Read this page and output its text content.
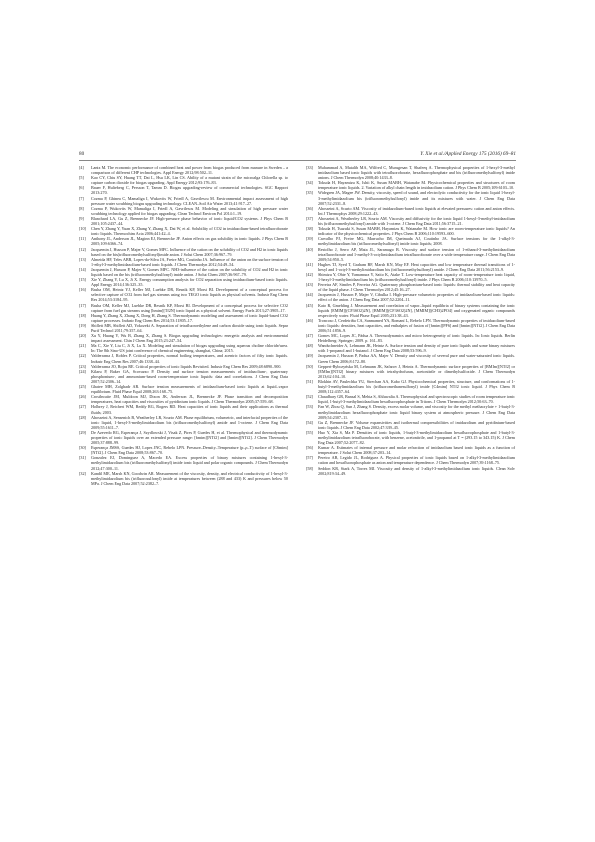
80	Y. Xie et al./Applied Energy 175 (2016) 69–81

[4]	Lantz M. The economic performance of combined heat and power from biogas produced from manure in Sweden – a comparison of different CHP technologies. Appl Energy 2012;98:502–11.

[5]	Kao CY, Chiu SY, Huang TT, Dai L, Hsu LK, Lin CS. Ability of a mutant strain of the microalga Chlorella sp. to capture carbon dioxide for biogas upgrading. Appl Energy 2012;93:176–83.

[6]	Bauer F, Hulteberg C, Persson T, Tamm D. Biogas upgrading-review of commercial technologies. SGC Rapport 2013:270.

[7]	Cozma P, Ghinea C, Mamaliga I, Wukovits W, Friedl A, Gavrilescu M. Environmental impact assessment of high pressure water scrubbing biogas upgrading technology. CLEAN–Soil Air Water 2013;41:917–27.

[8]	Cozma P, Wukovits W, Mamaliga I, Friedl A, Gavrilescu M. Modeling and simulation of high pressure water scrubbing technology applied for biogas upgrading. Clean Technol Environ Pol 2014:1–19.

[9]	Blanchard LA, Gu Z, Brennecke JF. High-pressure phase behavior of ionic liquid/CO2 systems. J Phys Chem B 2001;105:2437–44.

[10]	Chen Y, Zhang Y, Yuan X, Zhang Y, Zhang X, Dai W, et al. Solubility of CO2 in imidazolium-based tetrafluoroborate ionic liquids. Thermochim Acta 2006;441:42–4.

[11]	Anthony JL, Anderson JL, Maginn EJ, Brennecke JF. Anion effects on gas solubility in ionic liquids. J Phys Chem B 2005;109:6366–74.

[12]	Jacquemin J, Husson P, Majer V, Gomes MFC. Influence of the cation on the solubility of CO2 and H2 in ionic liquids based on the bis(trifluoromethylsulfonyl)imide anion. J Solut Chem 2007;36:967–79.

[13]	Almeida HF, Teles ABR, Lopes-da-Silva JA, Freire MG, Coutinho JA. Influence of the anion on the surface tension of 1-ethyl-3-methylimidazolium-based ionic liquids. J Chem Thermodyn 2012;54:49–54.

[14]	Jacquemin J, Husson P, Majer V, Gomes MFC. NH3-influence of the cation on the solubility of CO2 and H2 in ionic liquids based on the bis (trifluoromethylsulfonyl) imide anion. J Solut Chem 2007;36:967–79.

[15]	Xie Y, Zhang Y, Lu X, Ji X. Energy consumption analysis for CO2 separation using imidazolium-based ionic liquids. Appl Energy 2014;136:325–35.

[16]	Basha OM, Heintz YJ, Keller MJ, Luebke DR, Resnik KP, Morsi BI. Development of a conceptual process for selective capture of CO2 from fuel gas streams using two TEGO ionic liquids as physical solvents. Industr Eng Chem Res 2014;53:3184–95.

[17]	Basha OM, Keller MJ, Luebke DR, Resnik KP, Morsi BI. Development of a conceptual process for selective CO2 capture from fuel gas streams using [hmim][Tf2N] ionic liquid as a physical solvent. Energy Fuels 2013;27:3905–17.

[18]	Huang Y, Zhang X, Zhang X, Dong H, Zhang S. Thermodynamic modeling and assessment of ionic liquid-based CO2 capture processes. Industr Eng Chem Res 2014;53:11805–17.

[19]	Shiflett MB, Shiflett AD, Yokozeki A. Separation of tetrafluoroethylene and carbon dioxide using ionic liquids. Separ Purif Technol 2011;79:357–64.

[20]	Xu Y, Huang Y, Wu B, Zhang X, Zhang S. Biogas upgrading technologies: energetic analysis and environmental impact assessment. Chin J Chem Eng 2015;23:247–54.

[21]	Ma C, Xie Y, Liu C, Ji X, Lu X. Modeling and simulation of biogas upgrading using aqueous choline chloride/urea. In: The 8th Sino-US joint conference of chemical engineering, shanghai, China; 2015.

[22]	Valderrama J, Robles P. Critical properties, normal boiling temperatures, and acentric factors of fifty ionic liquids. Industr Eng Chem Res 2007;46:1338–44.

[23]	Valderrama JO, Rojas RE. Critical properties of ionic liquids Revisited. Industr Eng Chem Res 2009;48:6890–900.

[24]	Kilaru P, Baker GA, Scovazzo P. Density and surface tension measurements of imidazolium-, quaternary phosphonium-, and ammonium-based room-temperature ionic liquids: data and correlations. J Chem Eng Data 2007;52:2306–14.

[25]	Ghatee MH, Zolghadr AR. Surface tension measurements of imidazolium-based ionic liquids at liquid–vapor equilibrium. Fluid Phase Equil 2008;263:168–75.

[26]	Crosthwaite JM, Muldoon MJ, Dixon JK, Anderson JL, Brennecke JF. Phase transition and decomposition temperatures, heat capacities and viscosities of pyridinium ionic liquids. J Chem Thermodyn 2005;37:559–68.

[27]	Holbrey J, Reichert WM, Reddy RG, Rogers RD. Heat capacities of ionic liquids and their applications as thermal fluids; 2003.

[28]	Ahosseini A, Sensenich B, Weatherley LR, Scurto AM. Phase equilibrium, volumetric, and interfacial properties of the ionic liquid, 1-hexyl-3-methylimidazolium bis (trifluoromethylsulfonyl) amide and 1-octene. J Chem Eng Data 2009;55:1611–7.

[29]	De Azevedo RG, Esperança J, Szydlowski J, Visak Z, Pires P, Guedes H, et al. Thermophysical and thermodynamic properties of ionic liquids over an extended pressure range: [bmim][NTf2] and [hmim][NTf2]. J Chem Thermodyn 2005;37:888–99.

[30]	Esperança JMSS, Guedes HJ, Lopes JNC, Rebelo LPN. Pressure–Density–Temperature (p–ρ–T) surface of [C6mim][NTf2]. J Chem Eng Data 2008;53:867–70.

[31]	Gonzalez EJ, Dominguez A, Macedo EA. Excess properties of binary mixtures containing 1-hexyl-3-methylimidazolium bis (trifluoromethylsulfonyl) imide ionic liquid and polar organic compounds. J Chem Thermodyn 2012;47:300–11.

[32]	Kandil ME, Marsh KN, Goodwin AR. Measurement of the viscosity, density, and electrical conductivity of 1-hexyl-3-methylimidazolium bis (trifluorosulfonyl) imide at temperatures between (288 and 433) K and pressures below 50 MPa. J Chem Eng Data 2007;52:2382–7.

[33]	Muhammad A, Mutalib MA, Wilfred C, Murugesan T, Shafeeq A. Thermophysical properties of 1-hexyl-3-methyl imidazolium based ionic liquids with tetrafluoroborate, hexafluorophosphate and bis (trifluoromethylsulfonyl) imide anions. J Chem Thermodyn 2008;40:1433–8.

[34]	Tokuda H, Hayamizu K, Ishii K, Susan MABH, Watanabe M. Physicochemical properties and structures of room temperature ionic liquids. 2. Variation of alkyl chain length in imidazolium cation. J Phys Chem B 2005;109:6103–10.

[35]	Widegren JA, Magee JW. Density, viscosity, speed of sound, and electrolytic conductivity for the ionic liquid 1-hexyl-3-methylimidazolium bis (trifluoromethylsulfonyl) imide and its mixtures with water. J Chem Eng Data 2007;52:2331–8.

[36]	Ahosseini A, Scurto AM. Viscosity of imidazolium-based ionic liquids at elevated pressures: cation and anion effects. Int J Thermophys 2008;29:1222–43.

[37]	Ahosseini A, Weatherley LR, Scurto AM. Viscosity and diffusivity for the ionic liquid 1-hexyl-3-methyl-imidazolium bis (trifluoromethylsulfonyl) amide with 1-octene. J Chem Eng Data 2011;56:3715–21.

[38]	Tokuda H, Tsuzuki S, Susan MABH, Hayamizu K, Watanabe M. How ionic are room-temperature ionic liquids? An indicator of the physicochemical properties. J Phys Chem B 2006;110:19593–600.

[39]	Carvalho PJ, Freire MG, Marrucho IM, Queimada AJ, Coutinho JA. Surface tensions for the 1-alkyl-3-methylimidazolium bis (trifluoromethylsulfonyl) imide ionic liquids; 2008.

[40]	Restolho J, Serro AP, Mata JL, Saramago B. Viscosity and surface tension of 1-ethanol-3-methylimidazolium tetrafluoroborate and 1-methyl-3-octylimidazolium tetrafluoroborate over a wide temperature range. J Chem Eng Data 2009;54:950–5.

[41]	Hughes TJ, Syed T, Graham BF, Marsh KN, May EF. Heat capacities and low temperature thermal transitions of 1-hexyl and 1-octyl-3-methylimidazolium bis (trifluoromethylsulfonyl) amide. J Chem Eng Data 2011;56:2153–9.

[42]	Shimizu Y, Ohte Y, Yamamura Y, Saito K, Atake T. Low-temperature heat capacity of room-temperature ionic liquid, 1-hexyl-3-methylimidazolium bis (trifluoromethylsulfonyl) imide. J Phys Chem B 2006;110:13970–5.

[43]	Ferreira AF, Simões P, Ferreira AG. Quaternary phosphonium-based ionic liquids: thermal stability and heat capacity of the liquid phase. J Chem Thermodyn 2012;45:16–27.

[44]	Jacquemin J, Husson P, Majer V, Cibulka I. High-pressure volumetric properties of imidazolium-based ionic liquids: effect of the anion. J Chem Eng Data 2007;52:2204–11.

[45]	Kato R, Gmehling J. Measurement and correlation of vapor–liquid equilibria of binary systems containing the ionic liquids [EMIM][(CF3SO2)2N], [BMIM][(CF3SO2)2N], [MMIM][(CH3)2PO4] and oxygenated organic compounds respectively water. Fluid Phase Equil 2005;231:38–43.

[46]	Troncoso J, Cerdeiriña CA, Sanmamed YA, Romaní L, Rebelo LPN. Thermodynamic properties of imidazolium-based ionic liquids: densities, heat capacities, and enthalpies of fusion of [bmim][PF6] and [bmim][NTf2]. J Chem Eng Data 2006;51:1856–9.

[47]	Gomes MC, Lopes JC, Pádua A. Thermodynamics and micro heterogeneity of ionic liquids. In: Ionic liquids. Berlin Heidelberg: Springer; 2009. p. 161–83.

[48]	Wandschneider A, Lehmann JK, Heintz A. Surface tension and density of pure ionic liquids and some binary mixtures with 1-propanol and 1-butanol. J Chem Eng Data 2008;53:596–9.

[49]	Jacquemin J, Husson P, Padua AA, Majer V. Density and viscosity of several pure and water-saturated ionic liquids. Green Chem 2006;8:172–80.

[50]	Geppert-Rybczyńska M, Lehmann JK, Safarov J, Heintz A. Thermodynamic surface properties of [BMIm][NTf2] or [EMIm][NTf2] binary mixtures with tetrahydrofuran, acetonitrile or dimethylsulfoxide. J Chem Thermodyn 2013;62:104–10.

[51]	Blokhin AV, Paulechka YU, Strechan AA, Kabo GJ. Physicochemical properties, structure, and conformations of 1-butyl-3-methylimidazolium bis (trifluoromethanesulfonyl) imide [C4mim] NTf2 ionic liquid. J Phys Chem B 2008;112:4357–64.

[52]	Chaudhary GR, Bansal S, Mehta S, Ahluwalia A. Thermophysical and spectroscopic studies of room temperature ionic liquid, 1-butyl-3-methylimidazolium hexafluorophosphate in Tritons. J Chem Thermodyn 2012;50:63–70.

[53]	Fan W, Zhou Q, Sun J, Zhang S. Density, excess molar volume, and viscosity for the methyl methacrylate + 1-butyl-3-methylimidazolium hexafluorophosphate ionic liquid binary system at atmospheric pressure. J Chem Eng Data 2009;54:2307–11.

[54]	Gu Z, Brennecke JF. Volume expansivities and isothermal compressibilities of imidazolium and pyridinium-based ionic liquids. J Chem Eng Data 2002;47:339–45.

[55]	Huo Y, Xia S, Ma P. Densities of ionic liquids, 1-butyl-3-methylimidazolium hexafluorophosphate and 1-butyl-3-methylimidazolium tetrafluoroborate, with benzene, acetonitrile, and 1-propanol at T = (293.15 to 343.15) K. J Chem Eng Data 2007;52:2077–82.

[56]	Kumar A. Estimates of internal pressure and molar refraction of imidazolium based ionic liquids as a function of temperature. J Solut Chem 2008;37:203–14.

[57]	Pereiro AB, Legido JL, Rodríguez A. Physical properties of ionic liquids based on 1-alkyl-3-methylimidazolium cation and hexafluorophosphate as anion and temperature dependence. J Chem Thermodyn 2007;39:1168–75.

[58]	Seddon KR, Stark A, Torres MJ. Viscosity and density of 1-alkyl-3-methylimidazolium ionic liquids. Clean Solv 2002;819:34–49.
